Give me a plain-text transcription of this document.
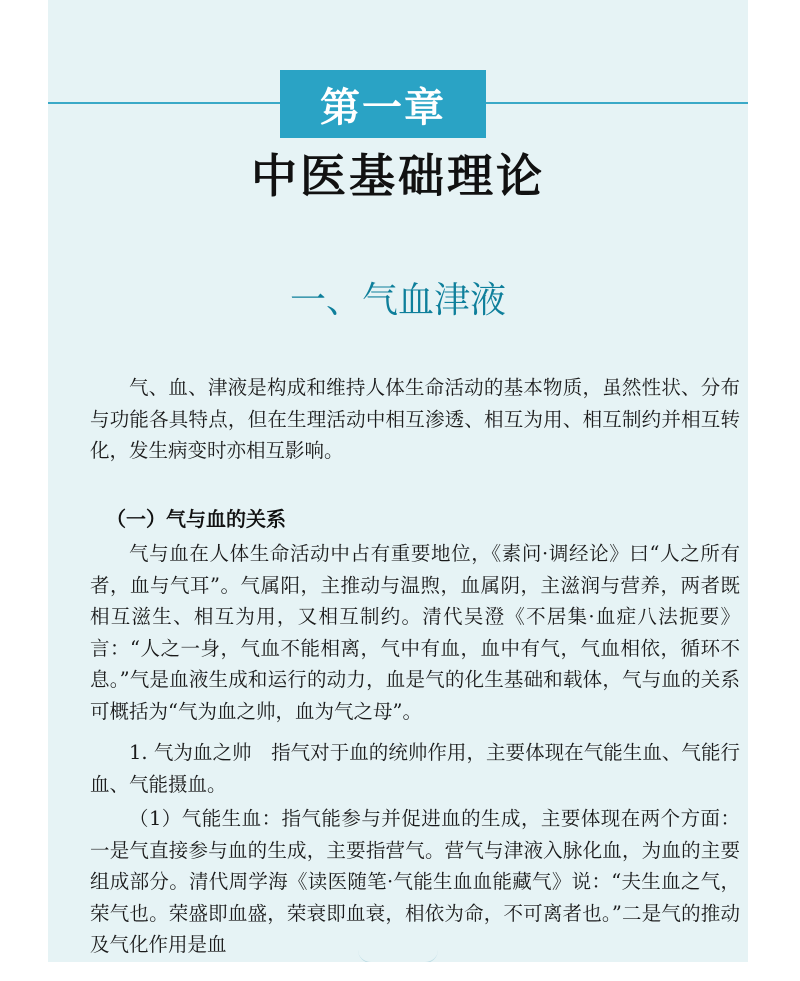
第一章
中医基础理论
一、气血津液

气、血、津液是构成和维持人体生命活动的基本物质，虽然性状、分布与功能各具特点，但在生理活动中相互渗透、相互为用、相互制约并相互转化，发生病变时亦相互影响。

（一）气与血的关系

气与血在人体生命活动中占有重要地位，《素问·调经论》曰“人之所有者，血与气耳”。气属阳，主推动与温煦，血属阴，主滋润与营养，两者既相互滋生、相互为用，又相互制约。清代吴澄《不居集·血症八法扼要》言：“人之一身，气血不能相离，气中有血，血中有气，气血相依，循环不息。”气是血液生成和运行的动力，血是气的化生基础和载体，气与血的关系可概括为“气为血之帅，血为气之母”。

1. 气为血之帅　指气对于血的统帅作用，主要体现在气能生血、气能行血、气能摄血。

（1）气能生血：指气能参与并促进血的生成，主要体现在两个方面：一是气直接参与血的生成，主要指营气。营气与津液入脉化血，为血的主要组成部分。清代周学海《读医随笔·气能生血血能藏气》说：“夫生血之气，荣气也。荣盛即血盛，荣衰即血衰，相依为命，不可离者也。”二是气的推动及气化作用是血
